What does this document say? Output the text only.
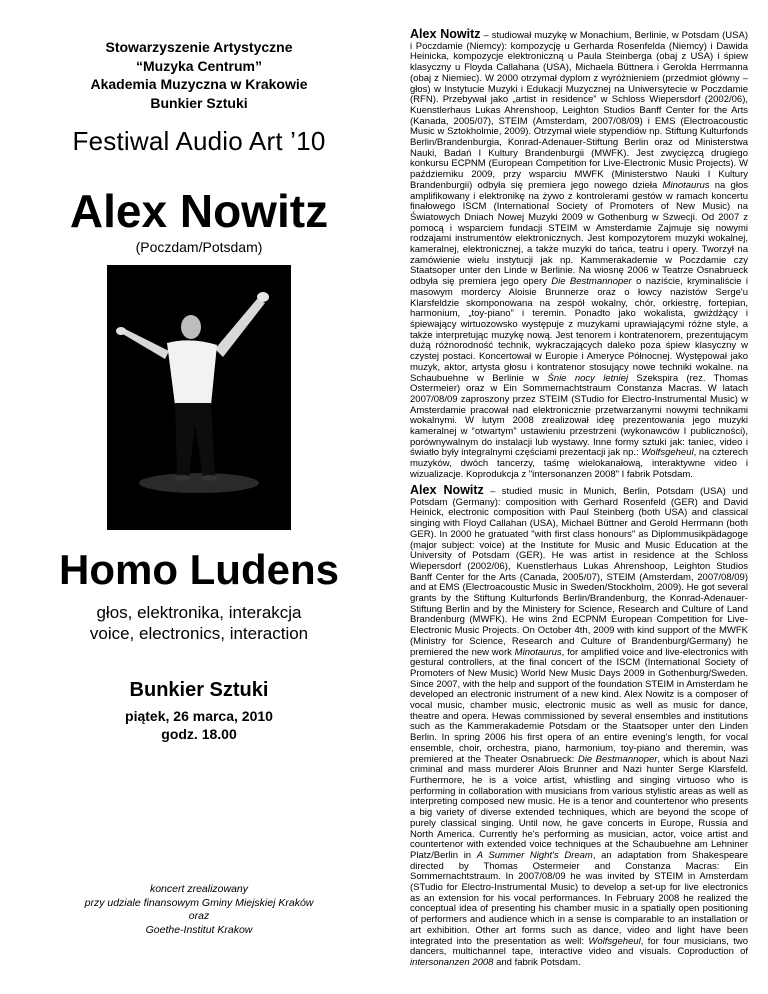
Stowarzyszenie Artystyczne
“Muzyka Centrum”
Akademia Muzyczna w Krakowie
Bunkier Sztuki
Festiwal Audio Art ’10
Alex Nowitz
(Poczdam/Potsdam)
Homo Ludens
głos, elektronika, interakcja
voice, electronics, interaction
Bunkier Sztuki
piątek, 26 marca, 2010
godz. 18.00
koncert zrealizowany
przy udziale finansowym Gminy Miejskiej Kraków
oraz
Goethe-Institut Krakow

Alex Nowitz – studiował muzykę w Monachium, Berlinie, w Potsdam (USA) i Poczdamie (Niemcy): kompozycję u Gerharda Rosenfelda (Niemcy) i Dawida Heinicka, kompozycje elektroniczną u Paula Steinberga (obaj z USA) i śpiew klasyczny u Floyda Callahana (USA), Michaela Büttnera i Gerolda Herrmanna (obaj z Niemiec). W 2000 otrzymał dyplom z wyróżnieniem (przedmiot główny – głos) w Instytucie Muzyki i Edukacji Muzycznej na Uniwersytecie w Poczdamie (RFN). Przebywał jako „artist in residence” w Schloss Wiepersdorf (2002/06), Kuenstlerhaus Lukas Ahrenshoop, Leighton Studios Banff Center for the Arts (Kanada, 2005/07), STEIM (Amsterdam, 2007/08/09) i EMS (Electroacoustic Music w Sztokholmie, 2009). Otrzymał wiele stypendiów np. Stiftung Kulturfonds Berlin/Brandenburgia, Konrad-Adenauer-Stiftung Berlin oraz od Ministerstwa Nauki, Badań I Kultury Brandenburgii (MWFK). Jest zwycięzcą drugiego konkursu ECPNM (European Competition for Live-Electronic Music Projects). W październiku 2009, przy wsparciu MWFK (Ministerstwo Nauki I Kultury Brandenburgii) odbyła się premiera jego nowego dzieła Minotaurus na głos amplifikowany i elektronikę na żywo z kontrolerami gestów w ramach koncertu finałowego ISCM (International Society of Promoters of New Music) na Światowych Dniach Nowej Muzyki 2009 w Gothenburg w Szwecji. Od 2007 z pomocą i wsparciem fundacji STEIM w Amsterdamie Zajmuje się nowymi rodzajami instrumentów elektronicznych. Jest kompozytorem muzyki wokalnej, kameralnej, elektronicznej, a także muzyki do tańca, teatru i opery. Tworzył na zamówienie wielu instytucji jak np. Kammerakademie w Poczdamie czy Staatsoper unter den Linde w Berlinie. Na wiosnę 2006 w Teatrze Osnabrueck odbyła się premiera jego opery Die Bestmannoper o naziście, kryminaliście i masowym mordercy Aloisie Brunnerze oraz o łowcy nazistów Serge'u Klarsfeldzie skomponowana na zespół wokalny, chór, orkiestrę, fortepian, harmonium, „toy-piano” i teremin. Ponadto jako wokalista, gwiżdżący i śpiewający wirtuozowsko występuje z muzykami uprawiającymi różne style, a także interpretując muzykę nową. Jest tenorem i kontratenorem, prezentującym dużą różnorodność technik, wykraczających daleko poza śpiew klasyczny w czystej postaci. Koncertował w Europie i Ameryce Północnej. Występował jako muzyk, aktor, artysta głosu i kontratenor stosujący nowe techniki wokalne. na Schaubuehne w Berlinie w Śnie nocy letniej Szekspira (rez. Thomas Ostermeier) oraz w Ein Sommernachtstraum Constanza Macras. W latach 2007/08/09 zaproszony przez STEIM (STudio for Electro-Instrumental Music) w Amsterdamie pracował nad elektronicznie przetwarzanymi nowymi technikami wokalnymi. W lutym 2008 zrealizował ideę prezentowania jego muzyki kameralnej w “otwartym” ustawieniu przestrzeni (wykonawców I publiczności), porównywalnym do instalacji lub wystawy. Inne formy sztuki jak: taniec, video i światło były integralnymi częściami prezentacji jak np.: Wolfsgeheul, na czterech muzyków, dwóch tancerzy, taśmę wielokanałową, interaktywne video i wizualizacje. Koprodukcja z "intersonanzen 2008" I fabrik Potsdam.

Alex Nowitz – studied music in Munich, Berlin, Potsdam (USA) und Potsdam (Germany): composition with Gerhard Rosenfeld (GER) and David Heinick, electronic composition with Paul Steinberg (both USA) and classical singing with Floyd Callahan (USA), Michael Büttner and Gerold Herrmann (both GER). In 2000 he gratuated "with first class honours" as Diplommusikpädagoge (major subject: voice) at the Institute for Music and Music Education at the University of Potsdam (GER). He was artist in residence at the Schloss Wiepersdorf (2002/06), Kuenstlerhaus Lukas Ahrenshoop, Leighton Studios Banff Center for the Arts (Canada, 2005/07), STEIM (Amsterdam, 2007/08/09) and at EMS (Electroacoustic Music in Sweden/Stockholm, 2009). He got several grants by the Stiftung Kulturfonds Berlin/Brandenburg, the Konrad-Adenauer-Stiftung Berlin and by the Ministery for Science, Research and Culture of Land Brandenburg (MWFK). He wins 2nd ECPNM European Competition for Live-Electronic Music Projects. On October 4th, 2009 with kind support of the MWFK (Ministry for Science, Research and Culture of Brandenburg/Germany) he premiered the new work Minotaurus, for amplified voice and live-electronics with gestural controllers, at the final concert of the ISCM (International Society of Promoters of New Music) World New Music Days 2009 in Gothenburg/Sweden. Since 2007, with the help and support of the foundation STEIM in Amsterdam he developed an electronic instrument of a new kind. Alex Nowitz is a composer of vocal music, chamber music, electronic music as well as music for dance, theatre and opera. Hewas commissioned by several ensembles and institutions such as the Kammerakademie Potsdam or the Staatsoper unter den Linden Berlin. In spring 2006 his first opera of an entire evening's length, for vocal ensemble, choir, orchestra, piano, harmonium, toy-piano and theremin, was premiered at the Theater Osnabrueck: Die Bestmannoper, which is about Nazi criminal and mass murderer Alois Brunner and Nazi hunter Serge Klarsfeld. Furthermore, he is a voice artist, whistling and singing virtuoso who is performing in collaboration with musicians from various stylistic areas as well as interpreting composed new music. He is a tenor and countertenor who presents a big variety of diverse extended techniques, which are beyond the scope of purely classical singing. Until now, he gave concerts in Europe, Russia and North America. Currently he's performing as musician, actor, voice artist and countertenor with extended voice techniques at the Schaubuehne am Lehniner Platz/Berlin in A Summer Night's Dream, an adaptation from Shakespeare directed by Thomas Ostermeier and Constanza Macras: Ein Sommernachtstraum. In 2007/08/09 he was invited by STEIM in Amsterdam (STudio for Electro-Instrumental Music) to develop a set-up for live electronics as an extension for his vocal performances. In February 2008 he realized the conceptual idea of presenting his chamber music in a spatially open positioning of performers and audience which in a sense is comparable to an installation or art exhibition. Other art forms such as dance, video and light have been integrated into the presentation as well: Wolfsgeheul, for four musicians, two dancers, multichannel tape, interactive video and visuals. Coproduction of intersonanzen 2008 and fabrik Potsdam.
